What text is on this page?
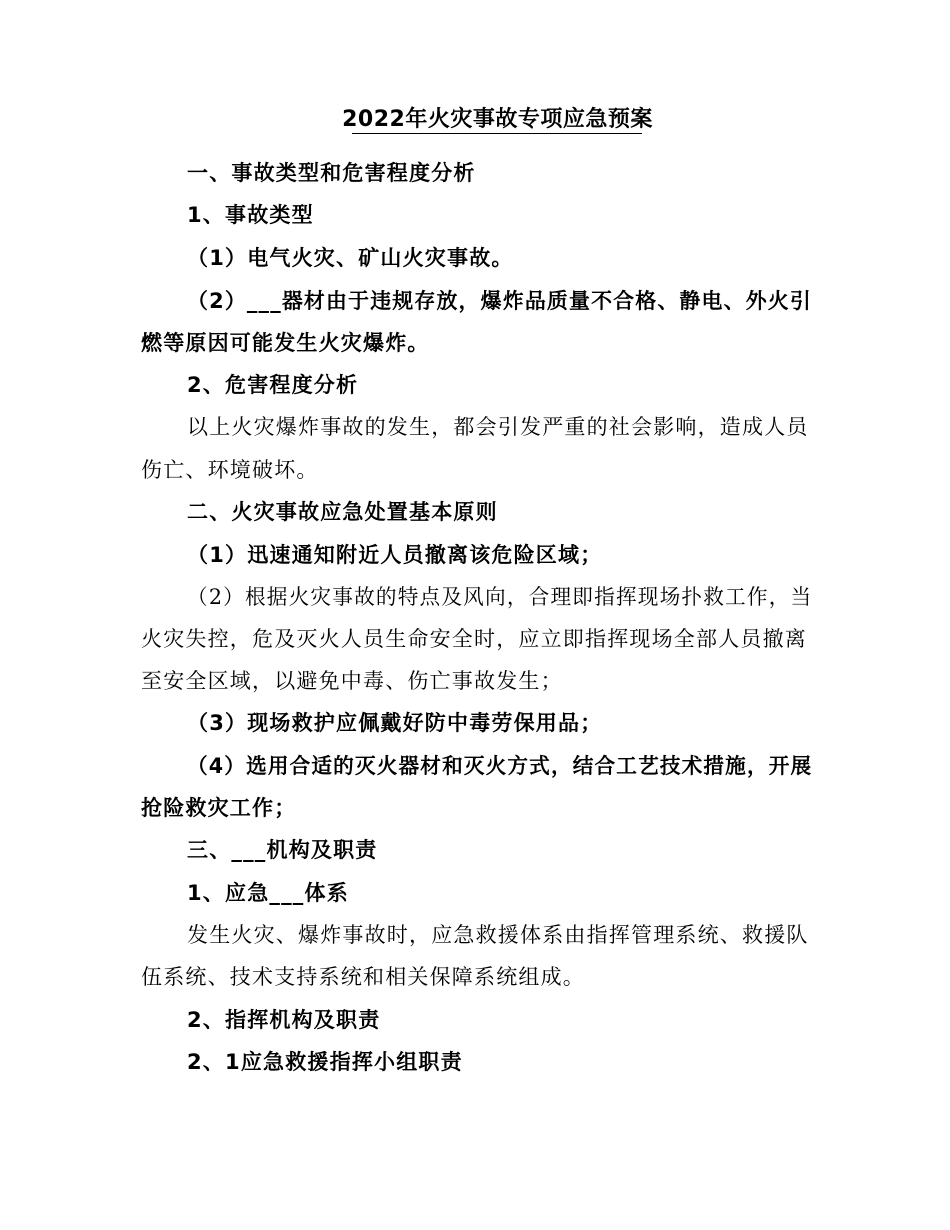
2022年火灾事故专项应急预案
一、事故类型和危害程度分析
1、事故类型
（1）电气火灾、矿山火灾事故。
（2）___器材由于违规存放，爆炸品质量不合格、静电、外火引
燃等原因可能发生火灾爆炸。
2、危害程度分析
以上火灾爆炸事故的发生，都会引发严重的社会影响，造成人员
伤亡、环境破坏。
二、火灾事故应急处置基本原则
（1）迅速通知附近人员撤离该危险区域；
（2）根据火灾事故的特点及风向，合理即指挥现场扑救工作，当
火灾失控，危及灭火人员生命安全时，应立即指挥现场全部人员撤离
至安全区域，以避免中毒、伤亡事故发生；
（3）现场救护应佩戴好防中毒劳保用品；
（4）选用合适的灭火器材和灭火方式，结合工艺技术措施，开展
抢险救灾工作；
三、___机构及职责
1、应急___体系
发生火灾、爆炸事故时，应急救援体系由指挥管理系统、救援队
伍系统、技术支持系统和相关保障系统组成。
2、指挥机构及职责
2、1应急救援指挥小组职责
